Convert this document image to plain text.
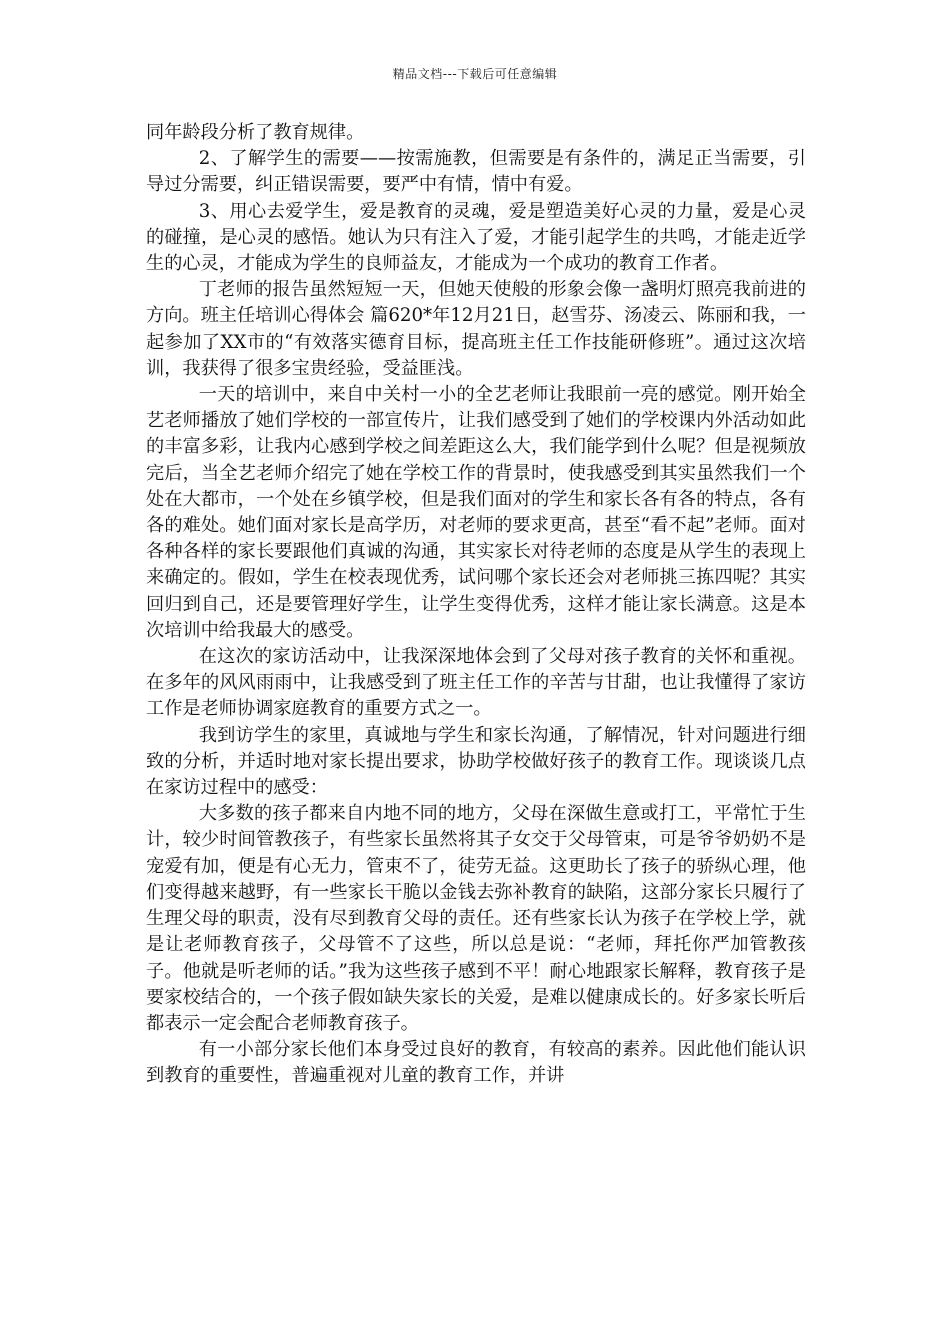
精品文档---下载后可任意编辑

同年龄段分析了教育规律。

2、了解学生的需要——按需施教，但需要是有条件的，满足正当需要，引导过分需要，纠正错误需要，要严中有情，情中有爱。

3、用心去爱学生，爱是教育的灵魂，爱是塑造美好心灵的力量，爱是心灵的碰撞，是心灵的感悟。她认为只有注入了爱，才能引起学生的共鸣，才能走近学生的心灵，才能成为学生的良师益友，才能成为一个成功的教育工作者。

丁老师的报告虽然短短一天，但她天使般的形象会像一盏明灯照亮我前进的方向。班主任培训心得体会 篇620*年12月21日，赵雪芬、汤凌云、陈丽和我，一起参加了XX市的“有效落实德育目标，提高班主任工作技能研修班”。通过这次培训，我获得了很多宝贵经验，受益匪浅。

一天的培训中，来自中关村一小的全艺老师让我眼前一亮的感觉。刚开始全艺老师播放了她们学校的一部宣传片，让我们感受到了她们的学校课内外活动如此的丰富多彩，让我内心感到学校之间差距这么大，我们能学到什么呢？但是视频放完后，当全艺老师介绍完了她在学校工作的背景时，使我感受到其实虽然我们一个处在大都市，一个处在乡镇学校，但是我们面对的学生和家长各有各的特点，各有各的难处。她们面对家长是高学历，对老师的要求更高，甚至“看不起”老师。面对各种各样的家长要跟他们真诚的沟通，其实家长对待老师的态度是从学生的表现上来确定的。假如，学生在校表现优秀，试问哪个家长还会对老师挑三拣四呢？其实回归到自己，还是要管理好学生，让学生变得优秀，这样才能让家长满意。这是本次培训中给我最大的感受。

在这次的家访活动中，让我深深地体会到了父母对孩子教育的关怀和重视。在多年的风风雨雨中，让我感受到了班主任工作的辛苦与甘甜，也让我懂得了家访工作是老师协调家庭教育的重要方式之一。

我到访学生的家里，真诚地与学生和家长沟通，了解情况，针对问题进行细致的分析，并适时地对家长提出要求，协助学校做好孩子的教育工作。现谈谈几点在家访过程中的感受：

大多数的孩子都来自内地不同的地方，父母在深做生意或打工，平常忙于生计，较少时间管教孩子，有些家长虽然将其子女交于父母管束，可是爷爷奶奶不是宠爱有加，便是有心无力，管束不了，徒劳无益。这更助长了孩子的骄纵心理，他们变得越来越野，有一些家长干脆以金钱去弥补教育的缺陷，这部分家长只履行了生理父母的职责，没有尽到教育父母的责任。还有些家长认为孩子在学校上学，就是让老师教育孩子，父母管不了这些，所以总是说：“老师，拜托你严加管教孩子。他就是听老师的话。”我为这些孩子感到不平！耐心地跟家长解释，教育孩子是要家校结合的，一个孩子假如缺失家长的关爱，是难以健康成长的。好多家长听后都表示一定会配合老师教育孩子。

有一小部分家长他们本身受过良好的教育，有较高的素养。因此他们能认识到教育的重要性，普遍重视对儿童的教育工作，并讲
